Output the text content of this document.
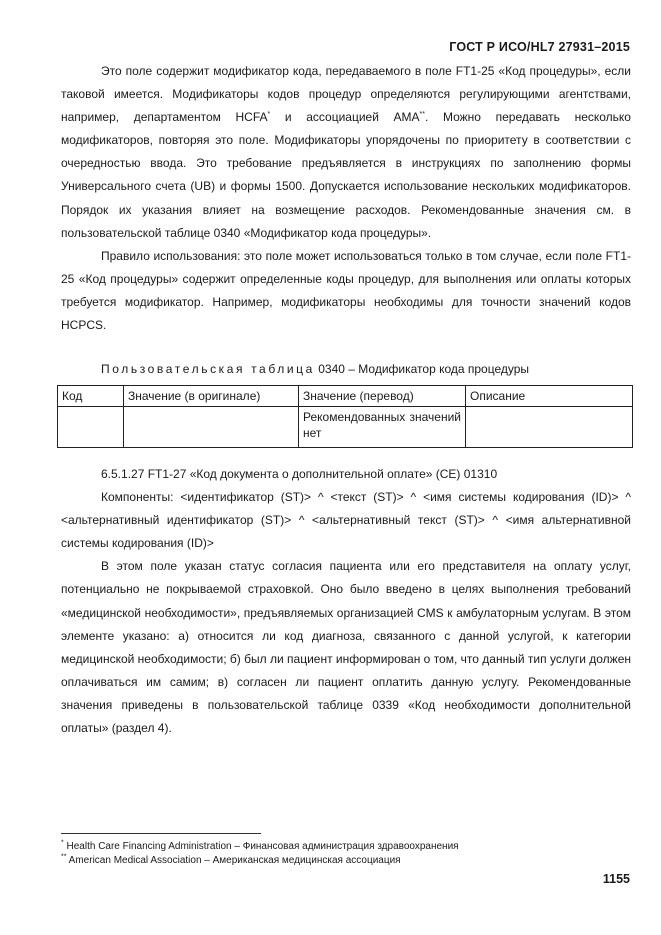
ГОСТ Р ИСО/HL7 27931–2015

Это поле содержит модификатор кода, передаваемого в поле FT1-25 «Код процедуры», если таковой имеется. Модификаторы кодов процедур определяются регулирующими агентствами, например, департаментом HCFA* и ассоциацией AMA**. Можно передавать несколько модификаторов, повторяя это поле. Модификаторы упорядочены по приоритету в соответствии с очередностью ввода. Это требование предъявляется в инструкциях по заполнению формы Универсального счета (UB) и формы 1500. Допускается использование нескольких модификаторов. Порядок их указания влияет на возмещение расходов. Рекомендованные значения см. в пользовательской таблице 0340 «Модификатор кода процедуры».

Правило использования: это поле может использоваться только в том случае, если поле FT1-25 «Код процедуры» содержит определенные коды процедур, для выполнения или оплаты которых требуется модификатор. Например, модификаторы необходимы для точности значений кодов HCPCS.

Пользовательская таблица 0340 – Модификатор кода процедуры
Код	Значение (в оригинале)	Значение (перевод)	Описание
		Рекомендованных значений нет	

6.5.1.27 FT1-27 «Код документа о дополнительной оплате» (CE) 01310

Компоненты: <идентификатор (ST)> ^ <текст (ST)> ^ <имя системы кодирования (ID)> ^ <альтернативный идентификатор (ST)> ^ <альтернативный текст (ST)> ^ <имя альтернативной системы кодирования (ID)>

В этом поле указан статус согласия пациента или его представителя на оплату услуг, потенциально не покрываемой страховкой. Оно было введено в целях выполнения требований «медицинской необходимости», предъявляемых организацией CMS к амбулаторным услугам. В этом элементе указано: а) относится ли код диагноза, связанного с данной услугой, к категории медицинской необходимости; б) был ли пациент информирован о том, что данный тип услуги должен оплачиваться им самим; в) согласен ли пациент оплатить данную услугу. Рекомендованные значения приведены в пользовательской таблице 0339 «Код необходимости дополнительной оплаты» (раздел 4).

* Health Care Financing Administration – Финансовая администрация здравоохранения
** American Medical Association – Американская медицинская ассоциация
1155
